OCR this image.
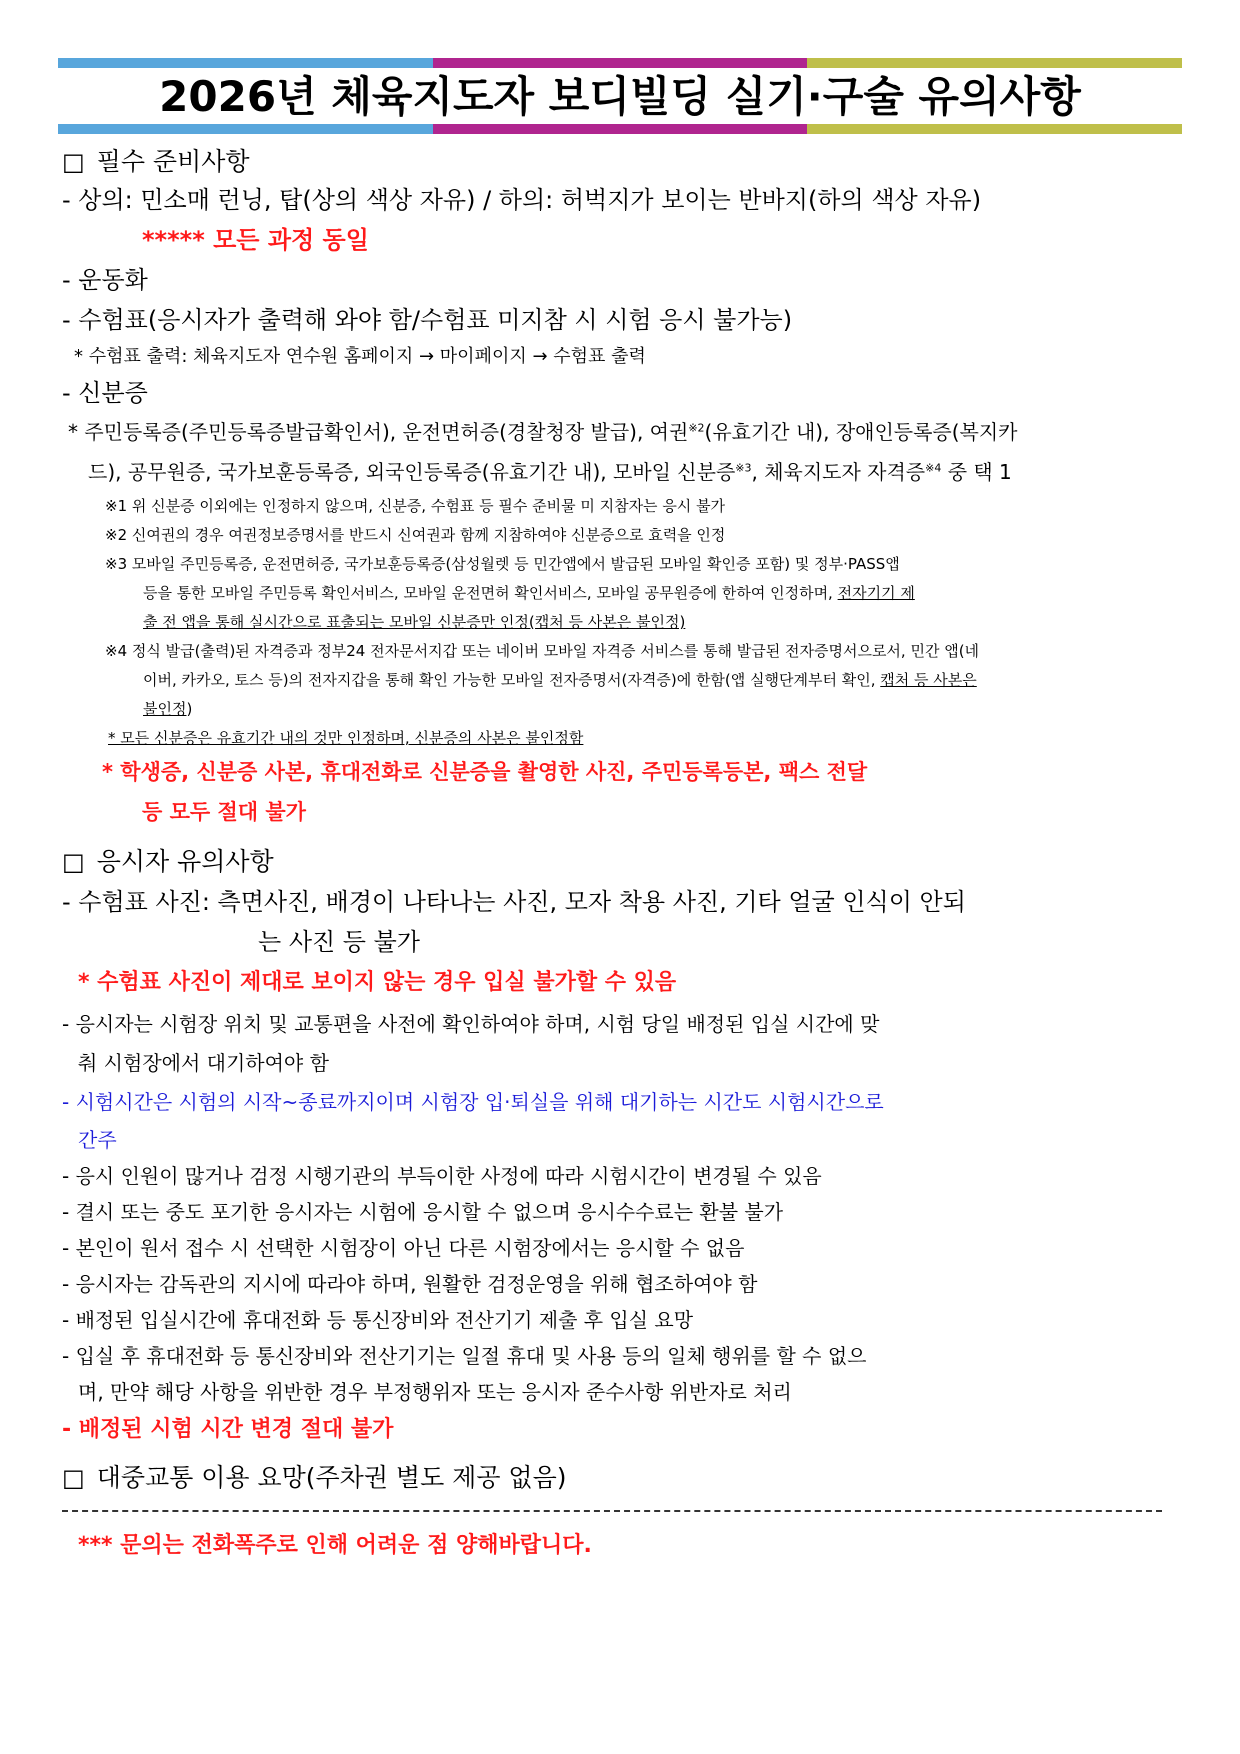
2026년 체육지도자 보디빌딩 실기·구술 유의사항
□ 필수 준비사항
- 상의: 민소매 런닝, 탑(상의 색상 자유) / 하의: 허벅지가 보이는 반바지(하의 색상 자유)
***** 모든 과정 동일
- 운동화
- 수험표(응시자가 출력해 와야 함/수험표 미지참 시 시험 응시 불가능)
* 수험표 출력: 체육지도자 연수원 홈페이지 → 마이페이지 → 수험표 출력
- 신분증
* 주민등록증(주민등록증발급확인서), 운전면허증(경찰청장 발급), 여권$^{※2}$(유효기간 내), 장애인등록증(복지카
드), 공무원증, 국가보훈등록증, 외국인등록증(유효기간 내), 모바일 신분증$^{※3}$, 체육지도자 자격증$^{※4}$ 중 택 1
※1 위 신분증 이외에는 인정하지 않으며, 신분증, 수험표 등 필수 준비물 미 지참자는 응시 불가
※2 신여권의 경우 여권정보증명서를 반드시 신여권과 함께 지참하여야 신분증으로 효력을 인정
※3 모바일 주민등록증, 운전면허증, 국가보훈등록증(삼성월렛 등 민간앱에서 발급된 모바일 확인증 포함) 및 정부·PASS앱
등을 통한 모바일 주민등록 확인서비스, 모바일 운전면허 확인서비스, 모바일 공무원증에 한하여 인정하며, 전자기기 제
출 전 앱을 통해 실시간으로 표출되는 모바일 신분증만 인정(캡처 등 사본은 불인정)
※4 정식 발급(출력)된 자격증과 정부24 전자문서지갑 또는 네이버 모바일 자격증 서비스를 통해 발급된 전자증명서으로서, 민간 앱(네
이버, 카카오, 토스 등)의 전자지갑을 통해 확인 가능한 모바일 전자증명서(자격증)에 한함(앱 실행단계부터 확인, 캡처 등 사본은
불인정)
* 모든 신분증은 유효기간 내의 것만 인정하며, 신분증의 사본은 불인정함
* 학생증, 신분증 사본, 휴대전화로 신분증을 촬영한 사진, 주민등록등본, 팩스 전달
등 모두 절대 불가
□ 응시자 유의사항
- 수험표 사진: 측면사진, 배경이 나타나는 사진, 모자 착용 사진, 기타 얼굴 인식이 안되
는 사진 등 불가
* 수험표 사진이 제대로 보이지 않는 경우 입실 불가할 수 있음
- 응시자는 시험장 위치 및 교통편을 사전에 확인하여야 하며, 시험 당일 배정된 입실 시간에 맞
춰 시험장에서 대기하여야 함
- 시험시간은 시험의 시작~종료까지이며 시험장 입·퇴실을 위해 대기하는 시간도 시험시간으로
간주
- 응시 인원이 많거나 검정 시행기관의 부득이한 사정에 따라 시험시간이 변경될 수 있음
- 결시 또는 중도 포기한 응시자는 시험에 응시할 수 없으며 응시수수료는 환불 불가
- 본인이 원서 접수 시 선택한 시험장이 아닌 다른 시험장에서는 응시할 수 없음
- 응시자는 감독관의 지시에 따라야 하며, 원활한 검정운영을 위해 협조하여야 함
- 배정된 입실시간에 휴대전화 등 통신장비와 전산기기 제출 후 입실 요망
- 입실 후 휴대전화 등 통신장비와 전산기기는 일절 휴대 및 사용 등의 일체 행위를 할 수 없으
며, 만약 해당 사항을 위반한 경우 부정행위자 또는 응시자 준수사항 위반자로 처리
- 배정된 시험 시간 변경 절대 불가
□ 대중교통 이용 요망(주차권 별도 제공 없음)
*** 문의는 전화폭주로 인해 어려운 점 양해바랍니다.
